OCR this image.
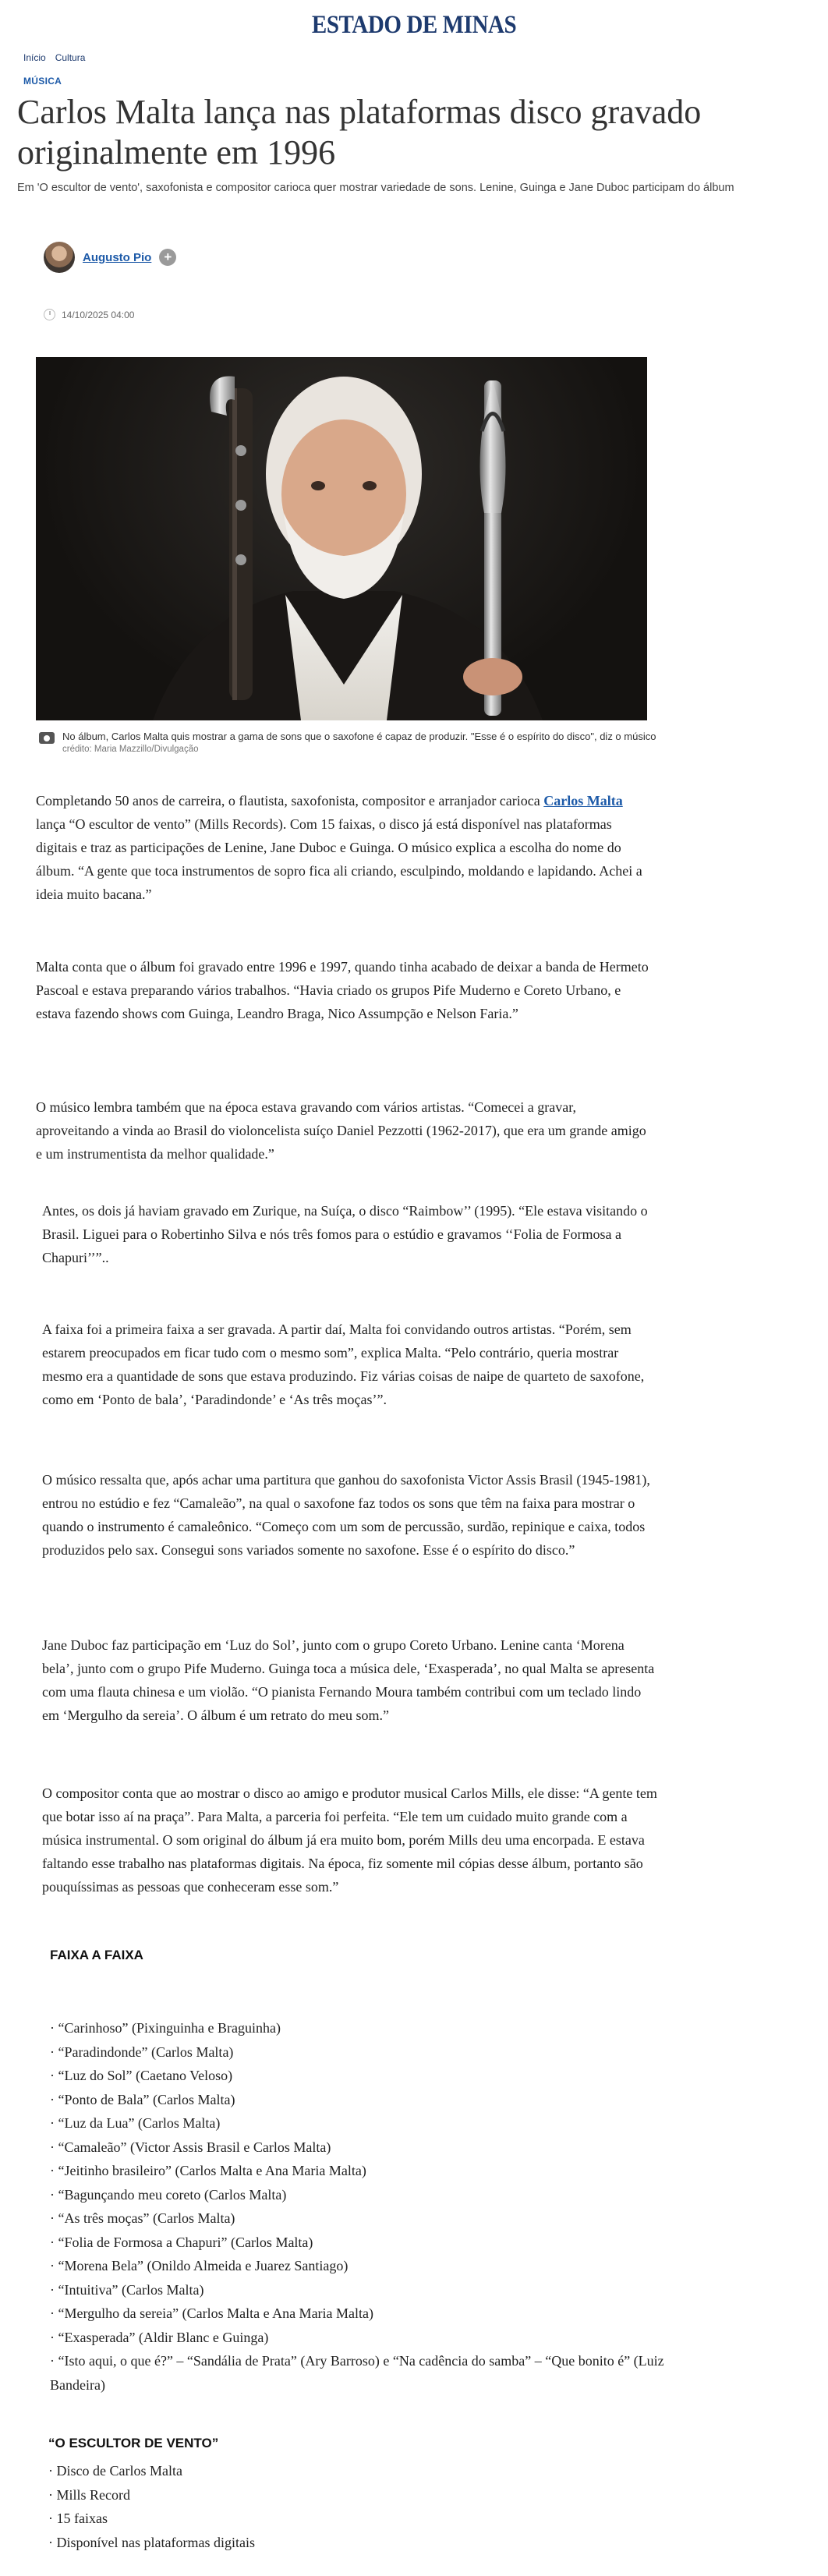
ESTADO DE MINAS
Início Cultura
MÚSICA
Carlos Malta lança nas plataformas disco gravado originalmente em 1996

Em 'O escultor de vento', saxofonista e compositor carioca quer mostrar variedade de sons. Lenine, Guinga e Jane Duboc participam do álbum

Augusto Pio +
14/10/2025 04:00
No álbum, Carlos Malta quis mostrar a gama de sons que o saxofone é capaz de produzir. "Esse é o espírito do disco", diz o músico
crédito: Maria Mazzillo/Divulgação

Completando 50 anos de carreira, o flautista, saxofonista, compositor e arranjador carioca Carlos Malta lança “O escultor de vento” (Mills Records). Com 15 faixas, o disco já está disponível nas plataformas digitais e traz as participações de Lenine, Jane Duboc e Guinga. O músico explica a escolha do nome do álbum. “A gente que toca instrumentos de sopro fica ali criando, esculpindo, moldando e lapidando. Achei a ideia muito bacana.”

Malta conta que o álbum foi gravado entre 1996 e 1997, quando tinha acabado de deixar a banda de Hermeto Pascoal e estava preparando vários trabalhos. “Havia criado os grupos Pife Muderno e Coreto Urbano, e estava fazendo shows com Guinga, Leandro Braga, Nico Assumpção e Nelson Faria.”

O músico lembra também que na época estava gravando com vários artistas. “Comecei a gravar, aproveitando a vinda ao Brasil do violoncelista suíço Daniel Pezzotti (1962-2017), que era um grande amigo e um instrumentista da melhor qualidade.”

Antes, os dois já haviam gravado em Zurique, na Suíça, o disco “Raimbow’’ (1995). “Ele estava visitando o Brasil. Liguei para o Robertinho Silva e nós três fomos para o estúdio e gravamos ‘‘Folia de Formosa a Chapuri’’”..

A faixa foi a primeira faixa a ser gravada. A partir daí, Malta foi convidando outros artistas. “Porém, sem estarem preocupados em ficar tudo com o mesmo som”, explica Malta. “Pelo contrário, queria mostrar mesmo era a quantidade de sons que estava produzindo. Fiz várias coisas de naipe de quarteto de saxofone, como em ‘Ponto de bala’, ‘Paradindonde’ e ‘As três moças’”.

O músico ressalta que, após achar uma partitura que ganhou do saxofonista Victor Assis Brasil (1945-1981), entrou no estúdio e fez “Camaleão”, na qual o saxofone faz todos os sons que têm na faixa para mostrar o quando o instrumento é camaleônico. “Começo com um som de percussão, surdão, repinique e caixa, todos produzidos pelo sax. Consegui sons variados somente no saxofone. Esse é o espírito do disco.”

Jane Duboc faz participação em ‘Luz do Sol’, junto com o grupo Coreto Urbano. Lenine canta ‘Morena bela’, junto com o grupo Pife Muderno. Guinga toca a música dele, ‘Exasperada’, no qual Malta se apresenta com uma flauta chinesa e um violão. “O pianista Fernando Moura também contribui com um teclado lindo em ‘Mergulho da sereia’. O álbum é um retrato do meu som.”

O compositor conta que ao mostrar o disco ao amigo e produtor musical Carlos Mills, ele disse: “A gente tem que botar isso aí na praça”. Para Malta, a parceria foi perfeita. “Ele tem um cuidado muito grande com a música instrumental. O som original do álbum já era muito bom, porém Mills deu uma encorpada. E estava faltando esse trabalho nas plataformas digitais. Na época, fiz somente mil cópias desse álbum, portanto são pouquíssimas as pessoas que conheceram esse som.”

FAIXA A FAIXA
· “Carinhoso” (Pixinguinha e Braguinha)
· “Paradindonde” (Carlos Malta)
· “Luz do Sol” (Caetano Veloso)
· “Ponto de Bala” (Carlos Malta)
· “Luz da Lua” (Carlos Malta)
· “Camaleão” (Victor Assis Brasil e Carlos Malta)
· “Jeitinho brasileiro” (Carlos Malta e Ana Maria Malta)
· “Bagunçando meu coreto (Carlos Malta)
· “As três moças” (Carlos Malta)
· “Folia de Formosa a Chapuri” (Carlos Malta)
· “Morena Bela” (Onildo Almeida e Juarez Santiago)
· “Intuitiva” (Carlos Malta)
· “Mergulho da sereia” (Carlos Malta e Ana Maria Malta)
· “Exasperada” (Aldir Blanc e Guinga)
· “Isto aqui, o que é?” – “Sandália de Prata” (Ary Barroso) e “Na cadência do samba” – “Que bonito é” (Luiz Bandeira)
“O ESCULTOR DE VENTO”
· Disco de Carlos Malta
· Mills Record
· 15 faixas
· Disponível nas plataformas digitais
